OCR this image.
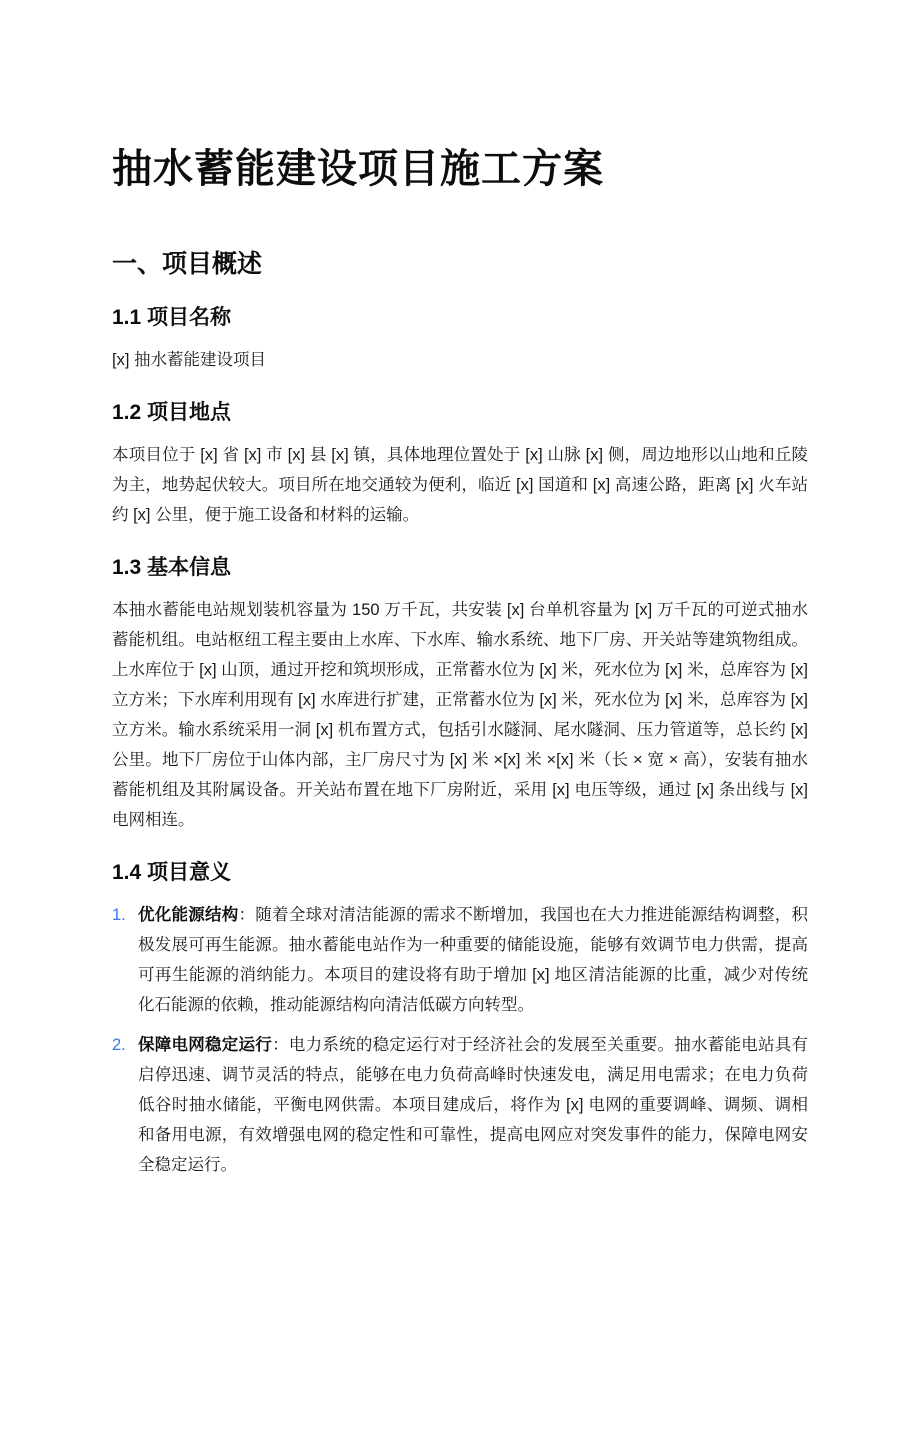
抽水蓄能建设项目施工方案
一、项目概述
1.1 项目名称

[x] 抽水蓄能建设项目

1.2 项目地点

本项目位于 [x] 省 [x] 市 [x] 县 [x] 镇，具体地理位置处于 [x] 山脉 [x] 侧，周边地形以山地和丘陵为主，地势起伏较大。项目所在地交通较为便利，临近 [x] 国道和 [x] 高速公路，距离 [x] 火车站约 [x] 公里，便于施工设备和材料的运输。

1.3 基本信息

本抽水蓄能电站规划装机容量为 150 万千瓦，共安装 [x] 台单机容量为 [x] 万千瓦的可逆式抽水蓄能机组。电站枢纽工程主要由上水库、下水库、输水系统、地下厂房、开关站等建筑物组成。上水库位于 [x] 山顶，通过开挖和筑坝形成，正常蓄水位为 [x] 米，死水位为 [x] 米，总库容为 [x] 立方米；下水库利用现有 [x] 水库进行扩建，正常蓄水位为 [x] 米，死水位为 [x] 米，总库容为 [x] 立方米。输水系统采用一洞 [x] 机布置方式，包括引水隧洞、尾水隧洞、压力管道等，总长约 [x] 公里。地下厂房位于山体内部，主厂房尺寸为 [x] 米 ×[x] 米 ×[x] 米（长 × 宽 × 高），安装有抽水蓄能机组及其附属设备。开关站布置在地下厂房附近，采用 [x] 电压等级，通过 [x] 条出线与 [x] 电网相连。

1.4 项目意义
1. 优化能源结构：随着全球对清洁能源的需求不断增加，我国也在大力推进能源结构调整，积极发展可再生能源。抽水蓄能电站作为一种重要的储能设施，能够有效调节电力供需，提高可再生能源的消纳能力。本项目的建设将有助于增加 [x] 地区清洁能源的比重，减少对传统化石能源的依赖，推动能源结构向清洁低碳方向转型。
2. 保障电网稳定运行：电力系统的稳定运行对于经济社会的发展至关重要。抽水蓄能电站具有启停迅速、调节灵活的特点，能够在电力负荷高峰时快速发电，满足用电需求；在电力负荷低谷时抽水储能，平衡电网供需。本项目建成后，将作为 [x] 电网的重要调峰、调频、调相和备用电源，有效增强电网的稳定性和可靠性，提高电网应对突发事件的能力，保障电网安全稳定运行。
